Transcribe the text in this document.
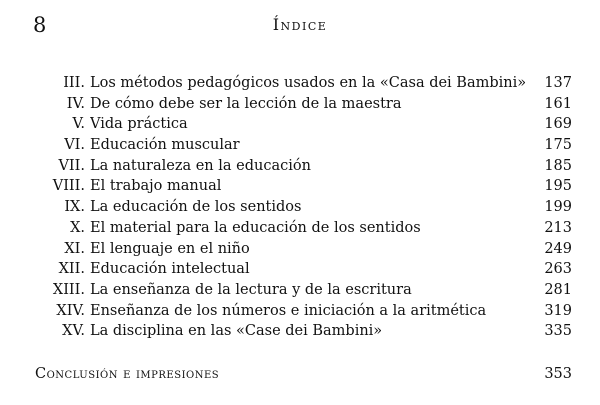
8	Índice
III. Los métodos pedagógicos usados en la «Casa dei Bambini» . . .	137
IV. De cómo debe ser la lección de la maestra . . .	161
V. Vida práctica . . .	169
VI. Educación muscular . . .	175
VII. La naturaleza en la educación . . .	185
VIII. El trabajo manual . . .	195
IX. La educación de los sentidos . . .	199
X. El material para la educación de los sentidos . . .	213
XI. El lenguaje en el niño . . .	249
XII. Educación intelectual . . .	263
XIII. La enseñanza de la lectura y de la escritura . . .	281
XIV. Enseñanza de los números e iniciación a la aritmética . . .	319
XV. La disciplina en las «Case dei Bambini» . . .	335
Conclusión e impresiones . . .	353
